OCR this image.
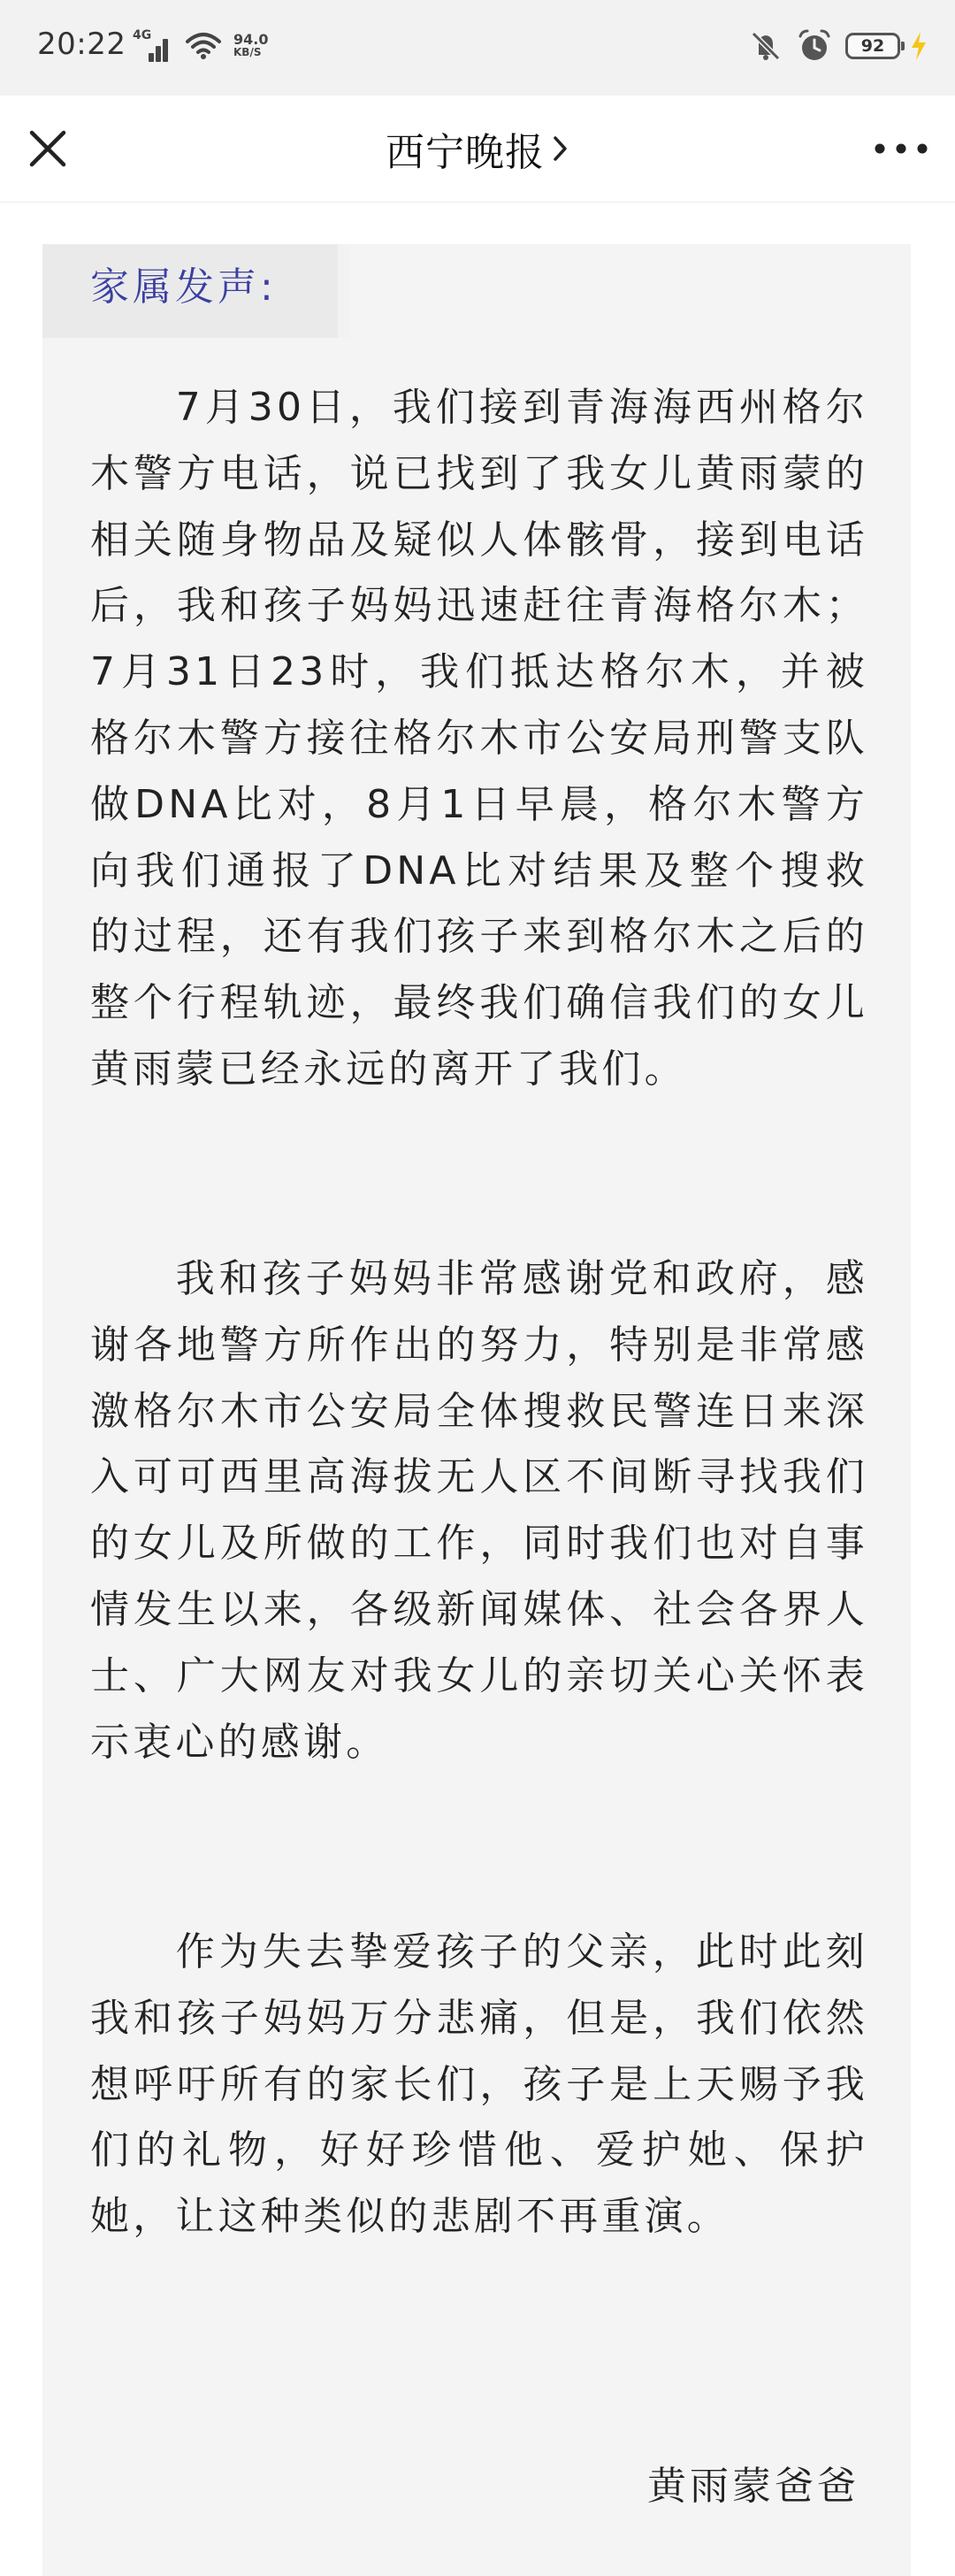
20:22 4G	94.0
KB/S	92
西宁晚报
家属发声:

7月30日，我们接到青海海西州格尔木警方电话，说已找到了我女儿黄雨蒙的相关随身物品及疑似人体骸骨，接到电话后，我和孩子妈妈迅速赶往青海格尔木；7月31日23时，我们抵达格尔木，并被格尔木警方接往格尔木市公安局刑警支队做DNA比对，8月1日早晨，格尔木警方向我们通报了DNA比对结果及整个搜救的过程，还有我们孩子来到格尔木之后的整个行程轨迹，最终我们确信我们的女儿黄雨蒙已经永远的离开了我们。

我和孩子妈妈非常感谢党和政府，感谢各地警方所作出的努力，特别是非常感激格尔木市公安局全体搜救民警连日来深入可可西里高海拔无人区不间断寻找我们的女儿及所做的工作，同时我们也对自事情发生以来，各级新闻媒体、社会各界人士、广大网友对我女儿的亲切关心关怀表示衷心的感谢。

作为失去挚爱孩子的父亲，此时此刻我和孩子妈妈万分悲痛，但是，我们依然想呼吁所有的家长们，孩子是上天赐予我们的礼物，好好珍惜他、爱护她、保护她，让这种类似的悲剧不再重演。

黄雨蒙爸爸
